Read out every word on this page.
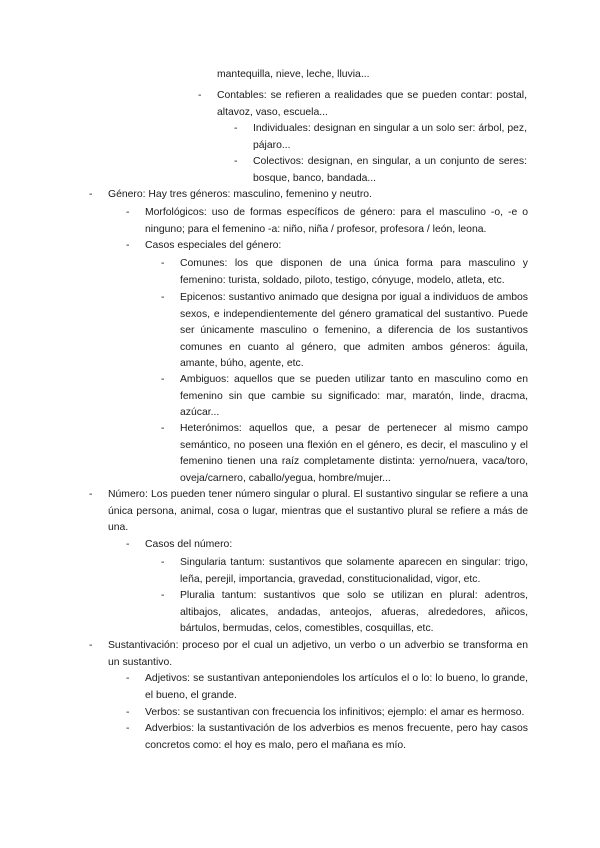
mantequilla, nieve, leche, lluvia...
- Contables: se refieren a realidades que se pueden contar: postal, altavoz, vaso, escuela...
- Individuales: designan en singular a un solo ser: árbol, pez, pájaro...
- Colectivos: designan, en singular, a un conjunto de seres: bosque, banco, bandada...
- Género: Hay tres géneros: masculino, femenino y neutro.
- Morfológicos: uso de formas específicos de género: para el masculino -o, -e o ninguno; para el femenino -a: niño, niña / profesor, profesora / león, leona.
- Casos especiales del género:
- Comunes: los que disponen de una única forma para masculino y femenino: turista, soldado, piloto, testigo, cónyuge, modelo, atleta, etc.
- Epicenos: sustantivo animado que designa por igual a individuos de ambos sexos, e independientemente del género gramatical del sustantivo. Puede ser únicamente masculino o femenino, a diferencia de los sustantivos comunes en cuanto al género, que admiten ambos géneros: águila, amante, búho, agente, etc.
- Ambiguos: aquellos que se pueden utilizar tanto en masculino como en femenino sin que cambie su significado: mar, maratón, linde, dracma, azúcar...
- Heterónimos: aquellos que, a pesar de pertenecer al mismo campo semántico, no poseen una flexión en el género, es decir, el masculino y el femenino tienen una raíz completamente distinta: yerno/nuera, vaca/toro, oveja/carnero, caballo/yegua, hombre/mujer...
- Número: Los pueden tener número singular o plural. El sustantivo singular se refiere a una única persona, animal, cosa o lugar, mientras que el sustantivo plural se refiere a más de una.
- Casos del número:
- Singularia tantum: sustantivos que solamente aparecen en singular: trigo, leña, perejil, importancia, gravedad, constitucionalidad, vigor, etc.
- Pluralia tantum: sustantivos que solo se utilizan en plural: adentros, altibajos, alicates, andadas, anteojos, afueras, alrededores, añicos, bártulos, bermudas, celos, comestibles, cosquillas, etc.
- Sustantivación: proceso por el cual un adjetivo, un verbo o un adverbio se transforma en un sustantivo.
- Adjetivos: se sustantivan anteponiendoles los artículos el o lo: lo bueno, lo grande, el bueno, el grande.
- Verbos: se sustantivan con frecuencia los infinitivos; ejemplo: el amar es hermoso.
- Adverbios: la sustantivación de los adverbios es menos frecuente, pero hay casos concretos como: el hoy es malo, pero el mañana es mío.
